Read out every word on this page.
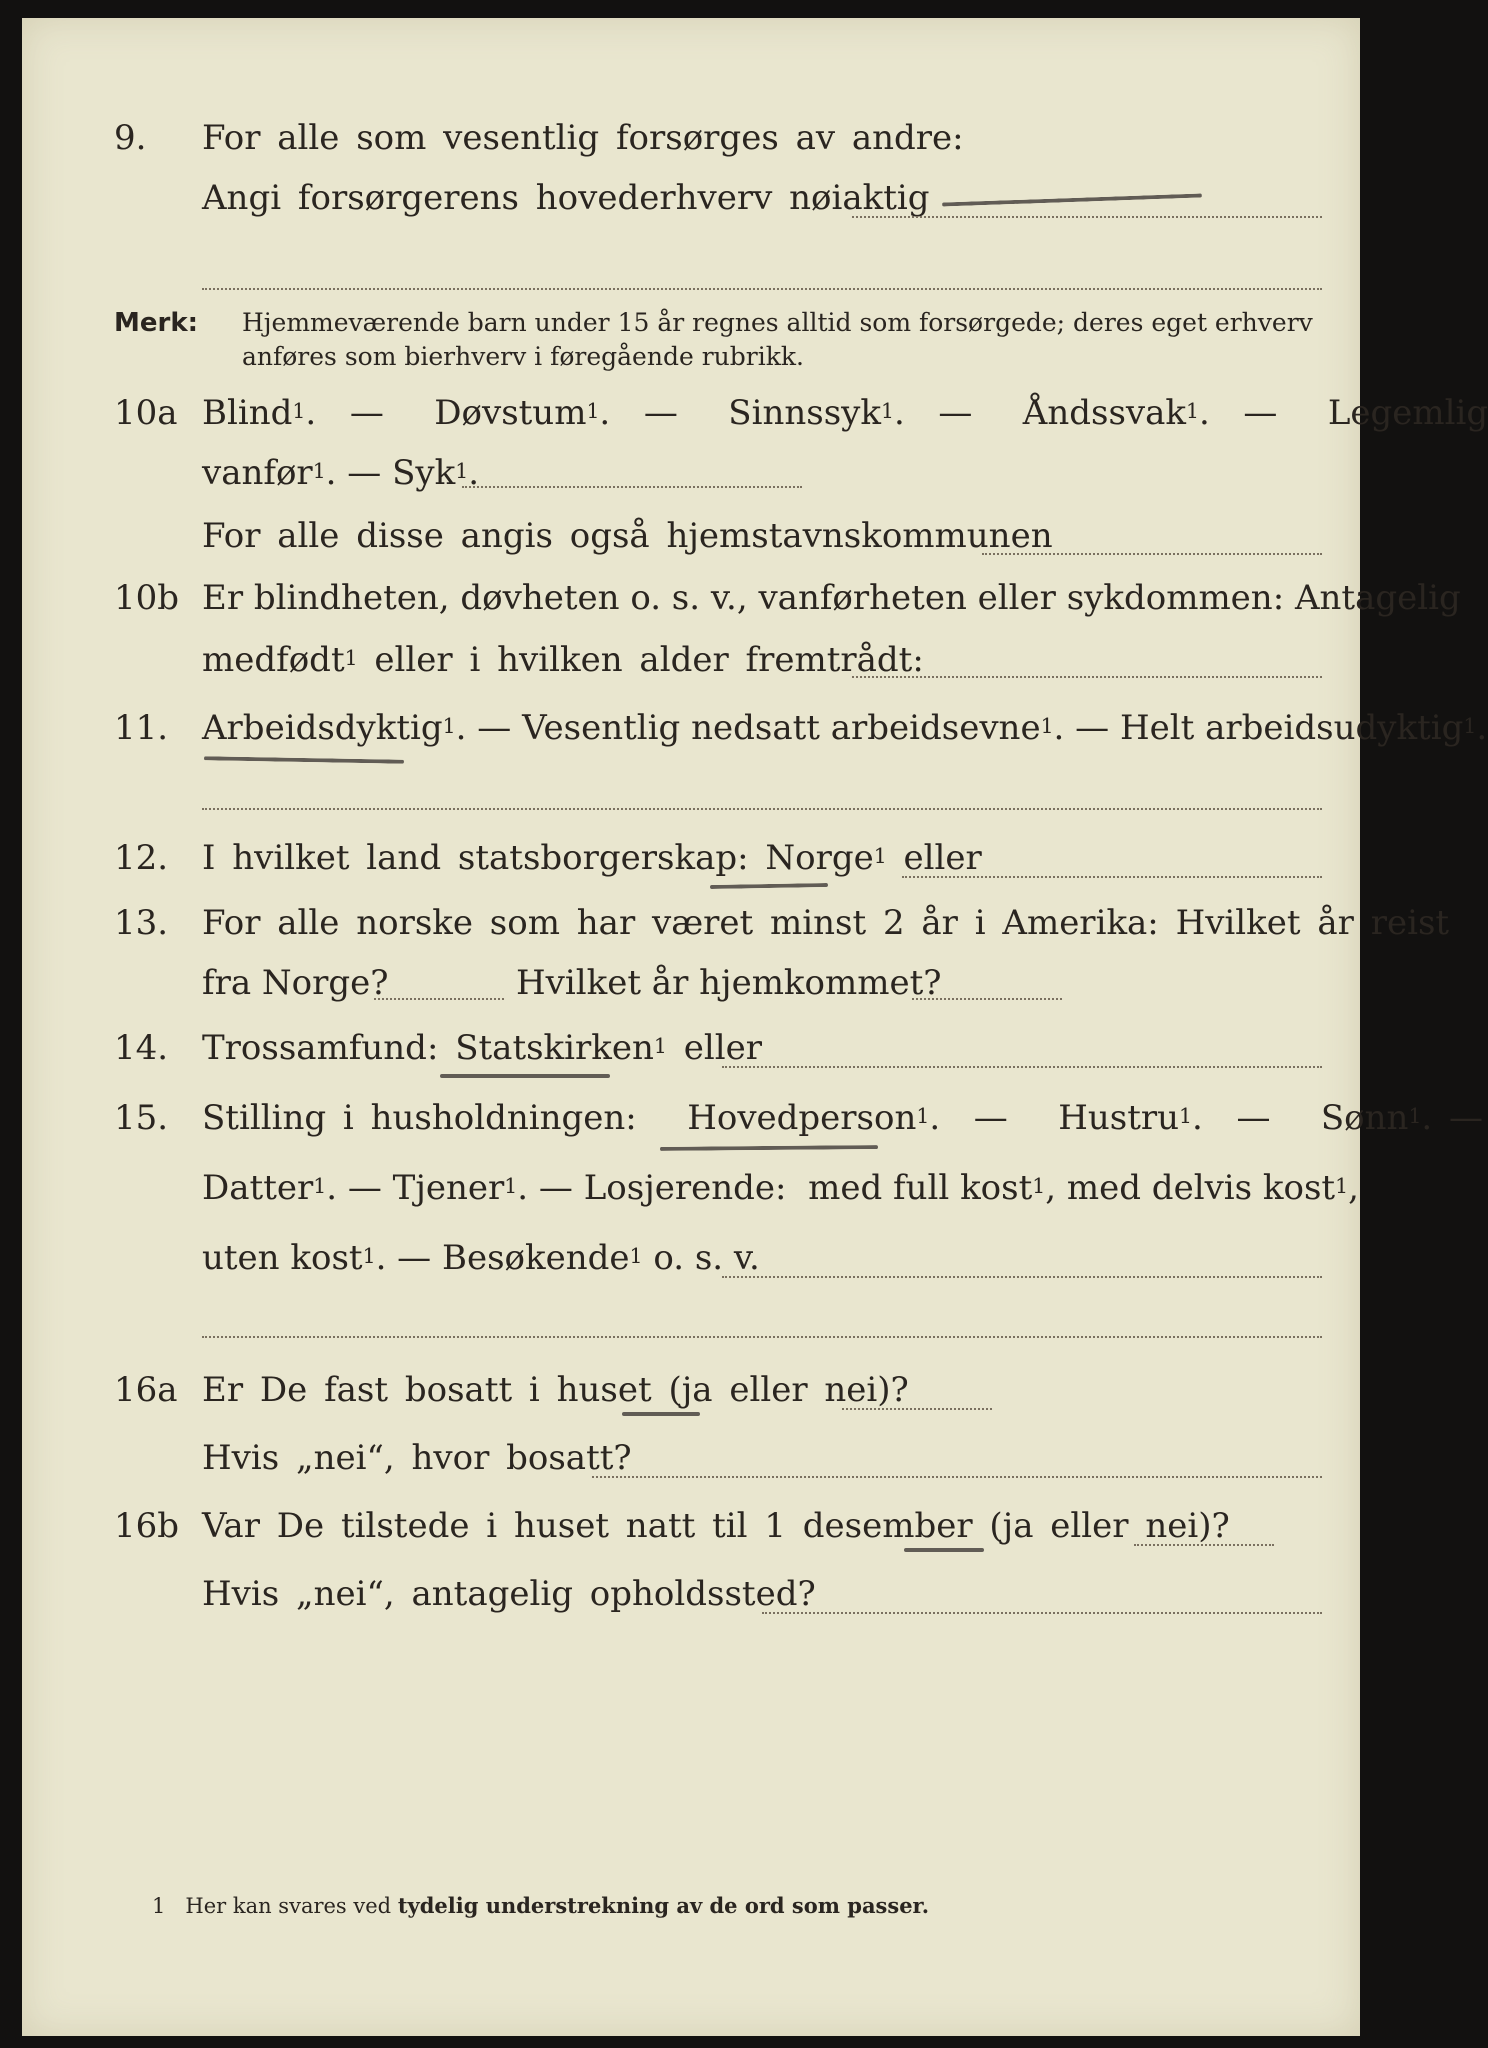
9. For alle som vesentlig forsørges av andre:
Angi forsørgerens hovederhverv nøiaktig
Merk: Hjemmeværende barn under 15 år regnes alltid som forsørgede; deres eget erhverv
anføres som bierhverv i føregående rubrikk.
10a Blind$^1$.  —   Døvstum$^1$.  —   Sinnssyk$^1$.  —   Åndssvak$^1$.  —   Legemlig
vanfør$^1$. — Syk$^1$.
For alle disse angis også hjemstavnskommunen
10b Er blindheten, døvheten o. s. v., vanførheten eller sykdommen: Antagelig
medfødt$^1$ eller i hvilken alder fremtrådt:
11. Arbeidsdyktig$^1$. — Vesentlig nedsatt arbeidsevne$^1$. — Helt arbeidsudyktig$^1$.
12. I hvilket land statsborgerskap: Norge$^1$ eller
13. For alle norske som har været minst 2 år i Amerika: Hvilket år reist
fra Norge?	Hvilket år hjemkommet?
14. Trossamfund: Statskirken$^1$ eller
15. Stilling i husholdningen: Hovedperson$^1$.  —   Hustru$^1$.  —   Sønn$^1$. —
Datter$^1$. — Tjener$^1$. — Losjerende: med full kost$^1$, med delvis kost$^1$,
uten kost$^1$. — Besøkende$^1$ o. s. v.
16a Er De fast bosatt i huset (ja eller nei)?
Hvis „nei“, hvor bosatt?
16b Var De tilstede i huset natt til 1 desember (ja eller nei)?
Hvis „nei“, antagelig opholdssted?
1 Her kan svares ved tydelig understrekning av de ord som passer.
